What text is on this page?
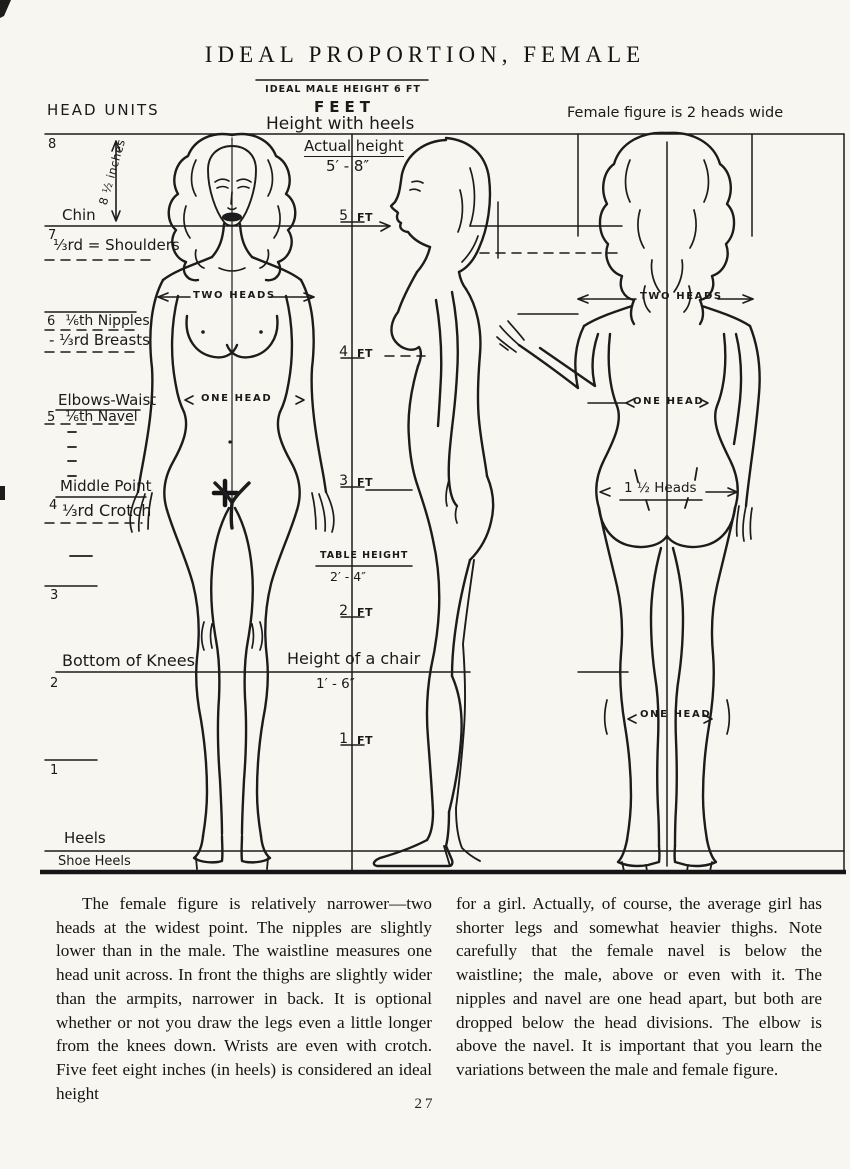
IDEAL PROPORTION, FEMALE
HEAD UNITS
IDEAL MALE HEIGHT 6 FT
FEET
Height with heels
Actual height
5′ - 8″
Female figure is 2 heads wide
8 ½ inches
8
7
3
2
1
Chin
⅓rd = Shoulders
6 ⅙th Nipples
- ⅓rd Breasts
Elbows-Waist
5 ⅙th Navel
Middle Point
4 ⅓rd Crotch
Bottom of Knees
Heels
Shoe Heels
5 FT
4 FT
3 FT
2 FT
1 FT
TABLE HEIGHT
2′ - 4″
Height of a chair
1′ - 6″
TWO HEADS
ONE HEAD
TWO HEADS
ONE HEAD
1 ½ Heads
ONE HEAD

The female figure is relatively narrower—two heads at the widest point. The nipples are slightly lower than in the male. The waistline measures one head unit across. In front the thighs are slightly wider than the armpits, narrower in back. It is optional whether or not you draw the legs even a little longer from the knees down. Wrists are even with crotch. Five feet eight inches (in heels) is considered an ideal height

for a girl. Actually, of course, the average girl has shorter legs and somewhat heavier thighs. Note carefully that the female navel is below the waistline; the male, above or even with it. The nipples and navel are one head apart, but both are dropped below the head divisions. The elbow is above the navel. It is important that you learn the variations between the male and female figure.

27
